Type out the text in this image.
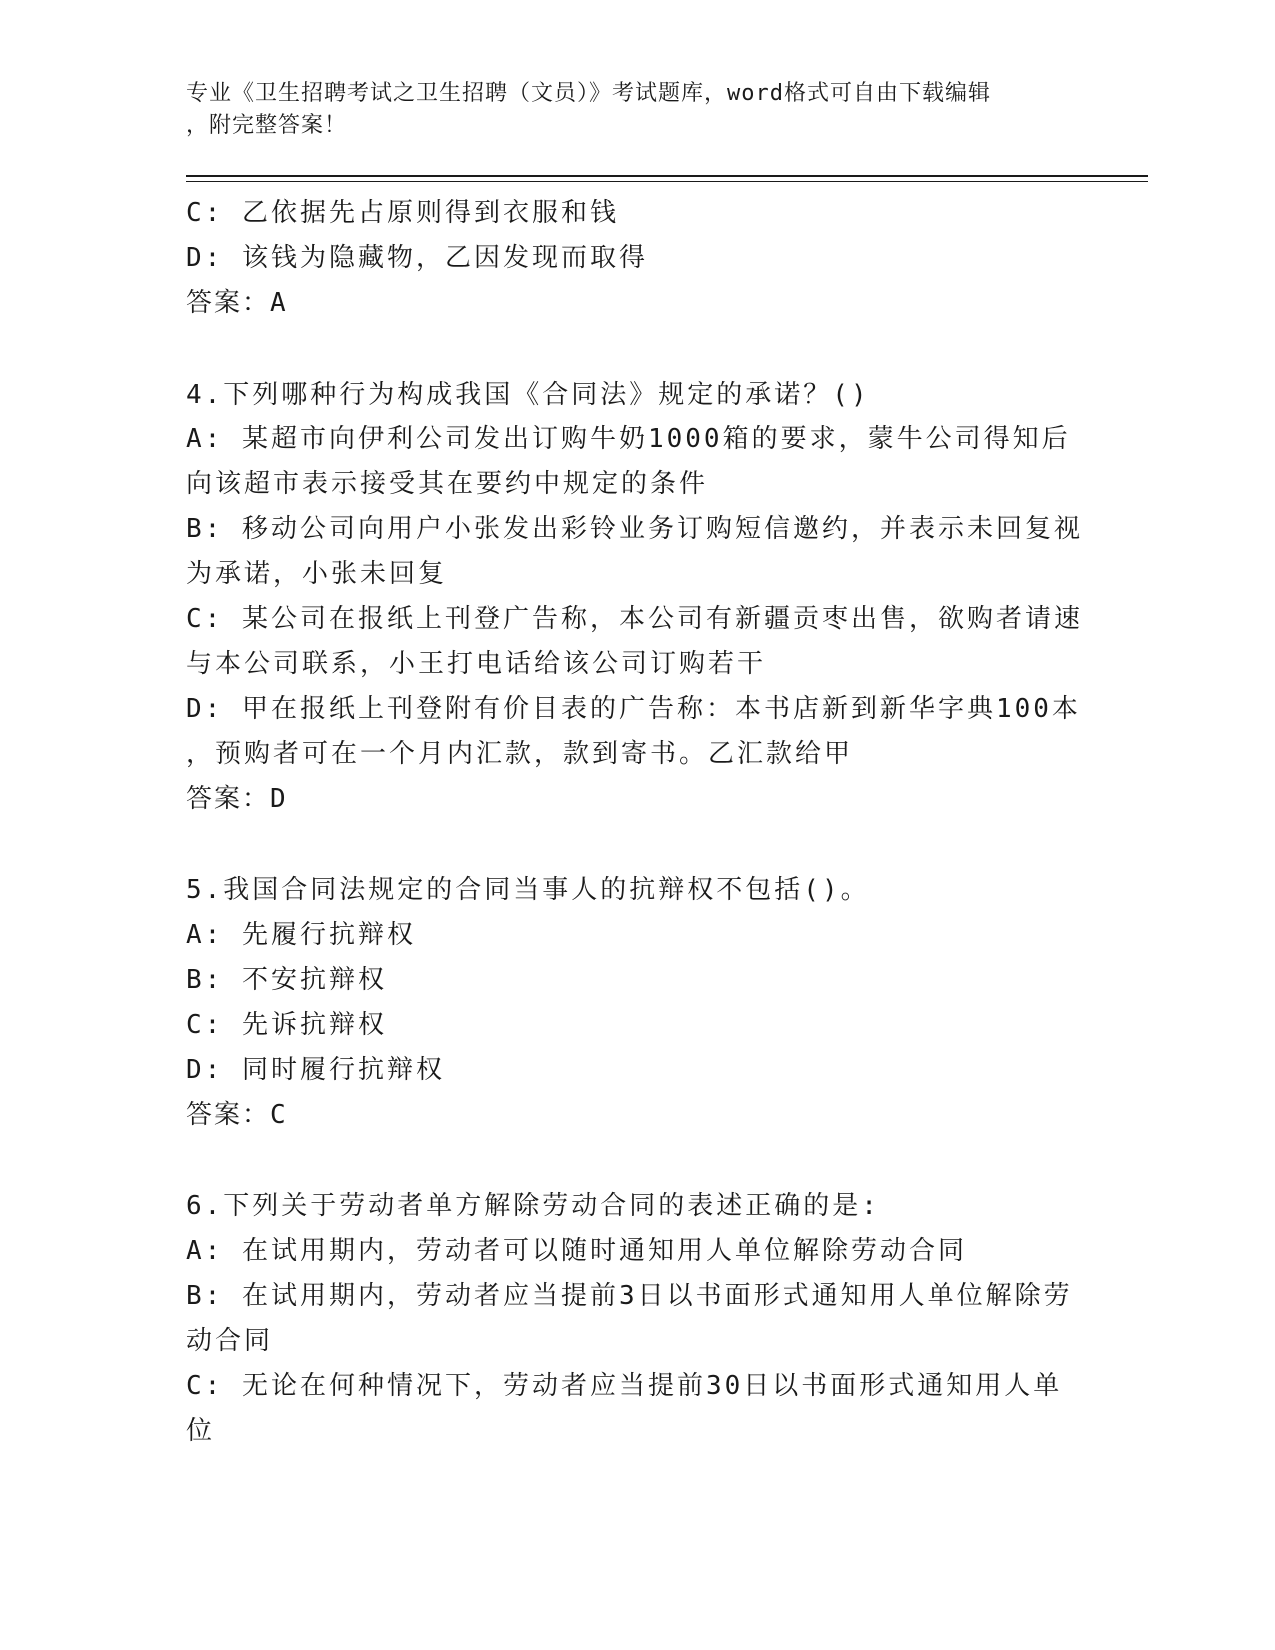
专业《卫生招聘考试之卫生招聘（文员）》考试题库，word格式可自由下载编辑
，附完整答案！
C: 乙依据先占原则得到衣服和钱
D: 该钱为隐藏物，乙因发现而取得
答案：A
4.下列哪种行为构成我国《合同法》规定的承诺？()
A: 某超市向伊利公司发出订购牛奶1000箱的要求，蒙牛公司得知后
向该超市表示接受其在要约中规定的条件
B: 移动公司向用户小张发出彩铃业务订购短信邀约，并表示未回复视
为承诺，小张未回复
C: 某公司在报纸上刊登广告称，本公司有新疆贡枣出售，欲购者请速
与本公司联系，小王打电话给该公司订购若干
D: 甲在报纸上刊登附有价目表的广告称：本书店新到新华字典100本
，预购者可在一个月内汇款，款到寄书。乙汇款给甲
答案：D
5.我国合同法规定的合同当事人的抗辩权不包括()。
A: 先履行抗辩权
B: 不安抗辩权
C: 先诉抗辩权
D: 同时履行抗辩权
答案：C
6.下列关于劳动者单方解除劳动合同的表述正确的是:
A: 在试用期内，劳动者可以随时通知用人单位解除劳动合同
B: 在试用期内，劳动者应当提前3日以书面形式通知用人单位解除劳
动合同
C: 无论在何种情况下，劳动者应当提前30日以书面形式通知用人单
位
